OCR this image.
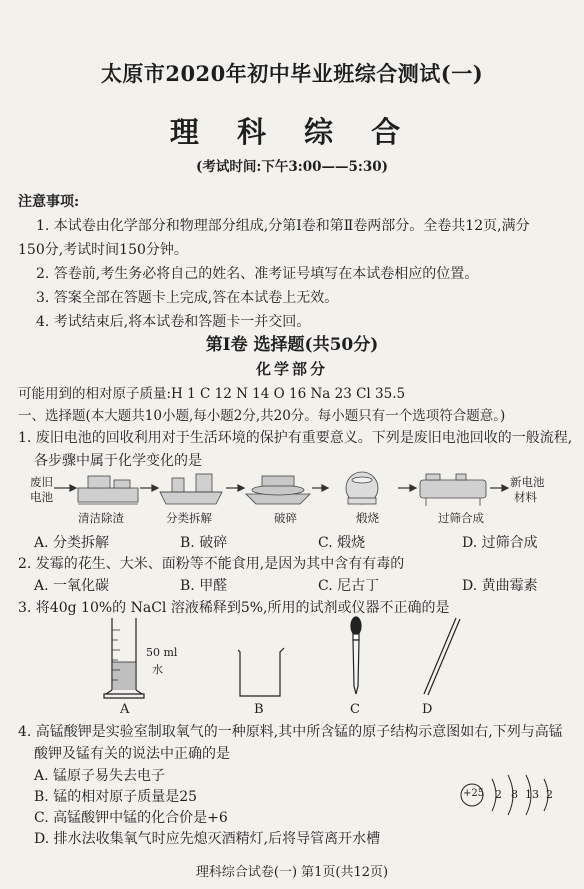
太原市2020年初中毕业班综合测试(一)
理 科 综 合
(考试时间:下午3:00——5:30)
注意事项:
1. 本试卷由化学部分和物理部分组成,分第Ⅰ卷和第Ⅱ卷两部分。全卷共12页,满分
150分,考试时间150分钟。
2. 答卷前,考生务必将自己的姓名、准考证号填写在本试卷相应的位置。
3. 答案全部在答题卡上完成,答在本试卷上无效。
4. 考试结束后,将本试卷和答题卡一并交回。
第Ⅰ卷 选择题(共50分)
化学部分
可能用到的相对原子质量:H 1 C 12 N 14 O 16 Na 23 Cl 35.5
一、选择题(本大题共10小题,每小题2分,共20分。每小题只有一个选项符合题意。)
1. 废旧电池的回收利用对于生活环境的保护有重要意义。下列是废旧电池回收的一般流程,
各步骤中属于化学变化的是
废旧
电池
新电池
材料
清洁除渣	分类拆解	破碎	煅烧	过筛合成
A. 分类拆解	B. 破碎	C. 煅烧	D. 过筛合成
2. 发霉的花生、大米、面粉等不能食用,是因为其中含有有毒的
A. 一氧化碳	B. 甲醛	C. 尼古丁	D. 黄曲霉素
3. 将40g 10%的 NaCl 溶液稀释到5%,所用的试剂或仪器不正确的是
50 ml
水
A	B	C	D
4. 高锰酸钾是实验室制取氧气的一种原料,其中所含锰的原子结构示意图如右,下列与高锰
酸钾及锰有关的说法中正确的是
A. 锰原子易失去电子
B. 锰的相对原子质量是25
C. 高锰酸钾中锰的化合价是+6
D. 排水法收集氧气时应先熄灭酒精灯,后将导管离开水槽
+25 2 8 13 2
理科综合试卷(一) 第1页(共12页)
